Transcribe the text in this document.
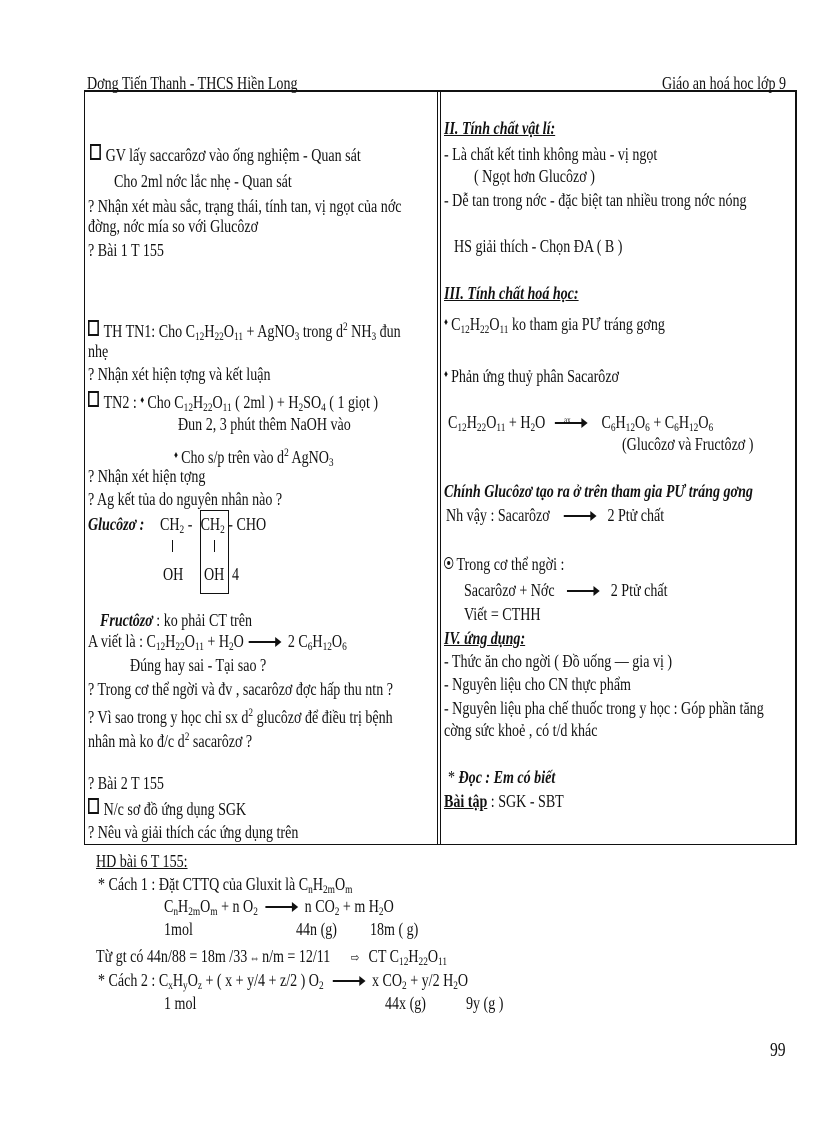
Dơng Tiến Thanh - THCS Hiền Long	Giáo an hoá học lớp 9
GV lấy saccarôzơ vào ống nghiệm - Quan sát
Cho 2ml nớc lắc nhẹ - Quan sát
? Nhận xét màu sắc, trạng thái, tính tan, vị ngọt của nớc
đờng, nớc mía so với Glucôzơ
? Bài 1 T 155
TH TN1: Cho $C_{12}H_{22}O_{11}$ + AgNO$_3$ trong $d^2$ $NH_3$ đun
nhẹ
? Nhận xét hiện tợng và kết luận
TN2 : ♦ Cho $C_{12}H_{22}O_{11}$ ( 2ml ) + $H_2SO_4$ ( 1 giọt )
Đun 2, 3 phút thêm NaOH vào
♦ Cho s/p trên vào $d^2$ AgNO$_3$
? Nhận xét hiện tợng
? Ag kết tủa do nguyên nhân nào ?
Glucôzơ : $CH_2 - CH_2$ - CHO
OH	OH 4
Fructôzơ : ko phải CT trên
A viết là : $C_{12}H_{22}O_{11} + H_2O$ 2 $C_6H_{12}O_6$
Đúng hay sai - Tại sao ?
? Trong cơ thể ngời và đv , sacarôzơ đợc hấp thu ntn ?
? Vì sao trong y học chỉ sx $d^2$ glucôzơ để điều trị bệnh
nhân mà ko đ/c $d^2$ sacarôzơ ?
? Bài 2 T 155
N/c sơ đồ ứng dụng SGK
? Nêu và giải thích các ứng dụng trên
II. Tính chất vật lí:
- Là chất kết tinh không màu - vị ngọt
( Ngọt hơn Glucôzơ )
- Dễ tan trong nớc - đặc biệt tan nhiều trong nớc nóng
HS giải thích - Chọn ĐA ( B )
III. Tính chất hoá học:
♦ $C_{12}H_{22}O_{11}$ ko tham gia PƯ tráng gơng
♦ Phản ứng thuỷ phân Sacarôzơ
$C_{12}H_{22}O_{11} + H_2O$ ax $C_6H_{12}O_6 + C_6H_{12}O_6$
(Glucôzơ và Fructôzơ )
Chính Glucôzơ tạo ra ở trên tham gia PƯ tráng gơng
Nh vậy : Sacarôzơ	2 Ptử chất
Trong cơ thể ngời :
Sacarôzơ + Nớc	2 Ptử chất
Viết = CTHH
IV. ứng dụng:
- Thức ăn cho ngời ( Đồ uống — gia vị )
- Nguyên liệu cho CN thực phẩm
- Nguyên liệu pha chế thuốc trong y học : Góp phần tăng
cờng sức khoẻ , có t/d khác
* Đọc : Em có biết
Bài tập : SGK - SBT
HD bài 6 T 155:
* Cách 1 : Đặt CTTQ của Gluxit là $C_nH_{2m}O_m$
$C_nH_{2m}O_m + n$ $O_2$	n $CO_2 + m$ $H_2O$
1mol	44n (g)	18m ( g)
Từ gt có 44n/88 = 18m /33 ⇔ n/m = 12/11 ⇨ CT $C_{12}H_{22}O_{11}$
* Cách 2 : $C_xH_yO_z$ + ( x + y/4 + z/2 ) $O_2$	x $CO_2 + y/2$ $H_2O$
1 mol	44x (g)	9y (g )
99
